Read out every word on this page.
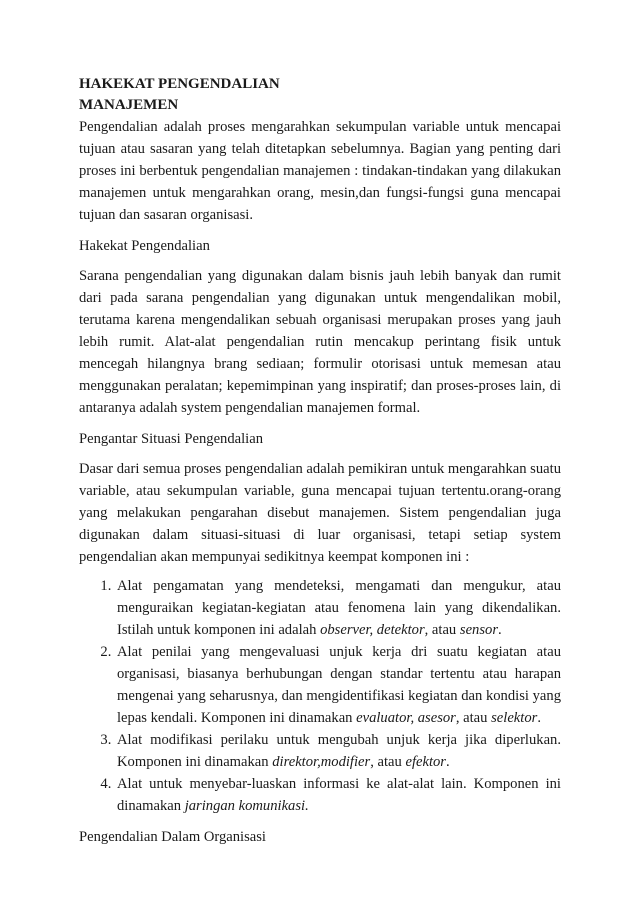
HAKEKAT PENGENDALIAN MANAJEMEN

Pengendalian adalah proses mengarahkan sekumpulan variable untuk mencapai tujuan atau sasaran yang telah ditetapkan sebelumnya. Bagian yang penting dari proses ini berbentuk pengendalian manajemen : tindakan-tindakan yang dilakukan manajemen untuk mengarahkan orang, mesin,dan fungsi-fungsi guna mencapai tujuan dan sasaran organisasi.

Hakekat Pengendalian

Sarana pengendalian yang digunakan dalam bisnis jauh lebih banyak dan rumit dari pada sarana pengendalian yang digunakan untuk mengendalikan mobil, terutama karena mengendalikan sebuah organisasi merupakan proses yang jauh lebih rumit. Alat-alat pengendalian rutin mencakup perintang fisik untuk mencegah hilangnya brang sediaan; formulir otorisasi untuk memesan atau menggunakan peralatan; kepemimpinan yang inspiratif; dan proses-proses lain, di antaranya adalah system pengendalian manajemen formal.

Pengantar Situasi Pengendalian

Dasar dari semua proses pengendalian adalah pemikiran untuk mengarahkan suatu variable, atau sekumpulan variable, guna mencapai tujuan tertentu.orang-orang yang melakukan pengarahan disebut manajemen. Sistem pengendalian juga digunakan dalam situasi-situasi di luar organisasi, tetapi setiap system pengendalian akan mempunyai sedikitnya keempat komponen ini :

1. Alat pengamatan yang mendeteksi, mengamati dan mengukur, atau menguraikan kegiatan-kegiatan atau fenomena lain yang dikendalikan. Istilah untuk komponen ini adalah observer, detektor, atau sensor.
2. Alat penilai yang mengevaluasi unjuk kerja dri suatu kegiatan atau organisasi, biasanya berhubungan dengan standar tertentu atau harapan mengenai yang seharusnya, dan mengidentifikasi kegiatan dan kondisi yang lepas kendali. Komponen ini dinamakan evaluator, asesor, atau selektor.
3. Alat modifikasi perilaku untuk mengubah unjuk kerja jika diperlukan. Komponen ini dinamakan direktor,modifier, atau efektor.
4. Alat untuk menyebar-luaskan informasi ke alat-alat lain. Komponen ini dinamakan jaringan komunikasi.

Pengendalian Dalam Organisasi
